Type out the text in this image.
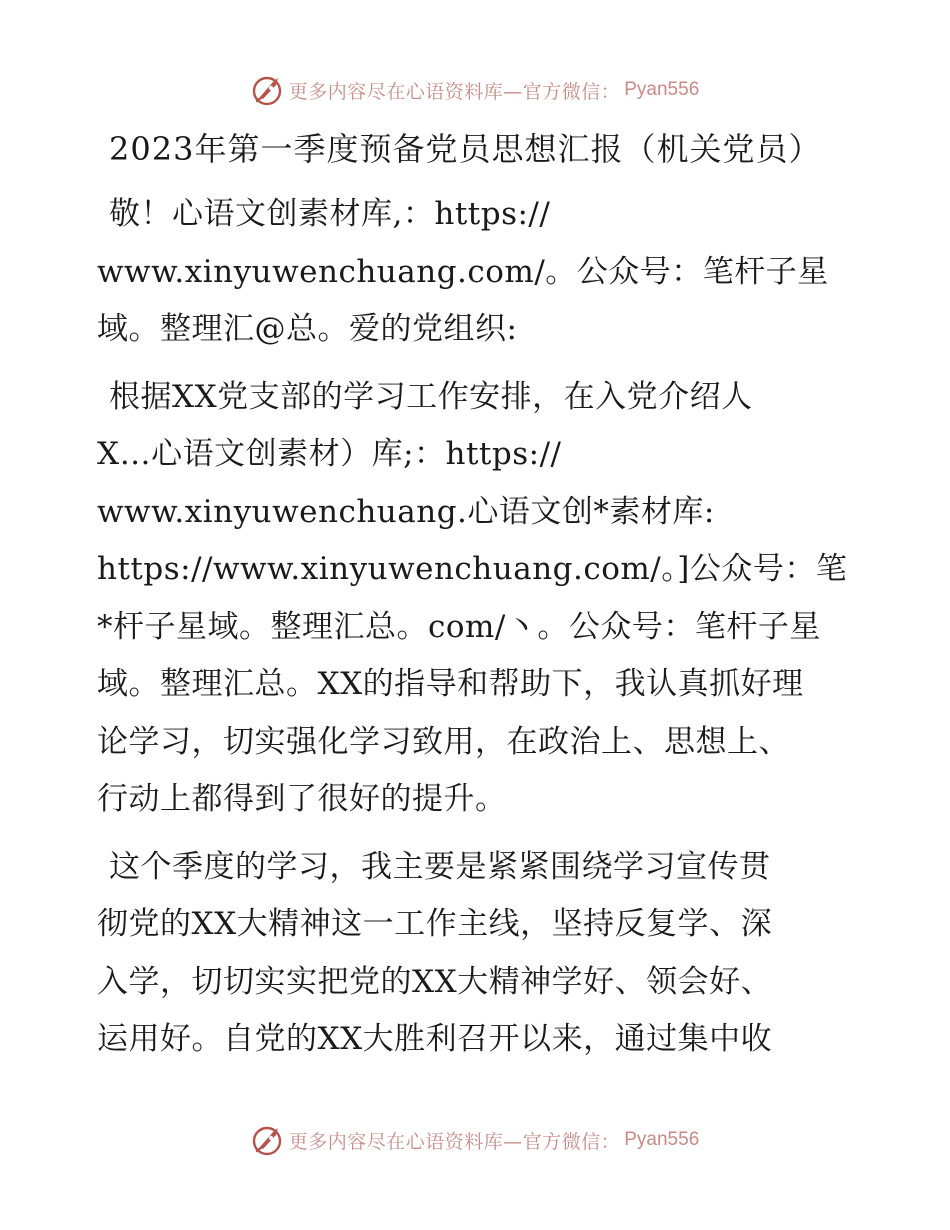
更多内容尽在心语资料库—官方微信： Pyan556
2023年第一季度预备党员思想汇报（机关党员）

敬！心语文创素材库,：https://
www.xinyuwenchuang.com/。公众号：笔杆子星
域。整理汇@总。爱的党组织:

根据XX党支部的学习工作安排，在入党介绍人
X…心语文创素材）库;：https://
www.xinyuwenchuang.心语文创*素材库:
https://www.xinyuwenchuang.com/。]公众号：笔
*杆子星域。整理汇总。com/丶。公众号：笔杆子星
域。整理汇总。XX的指导和帮助下，我认真抓好理
论学习，切实强化学习致用，在政治上、思想上、
行动上都得到了很好的提升。

这个季度的学习，我主要是紧紧围绕学习宣传贯
彻党的XX大精神这一工作主线，坚持反复学、深
入学，切切实实把党的XX大精神学好、领会好、
运用好。自党的XX大胜利召开以来，通过集中收

更多内容尽在心语资料库—官方微信： Pyan556
